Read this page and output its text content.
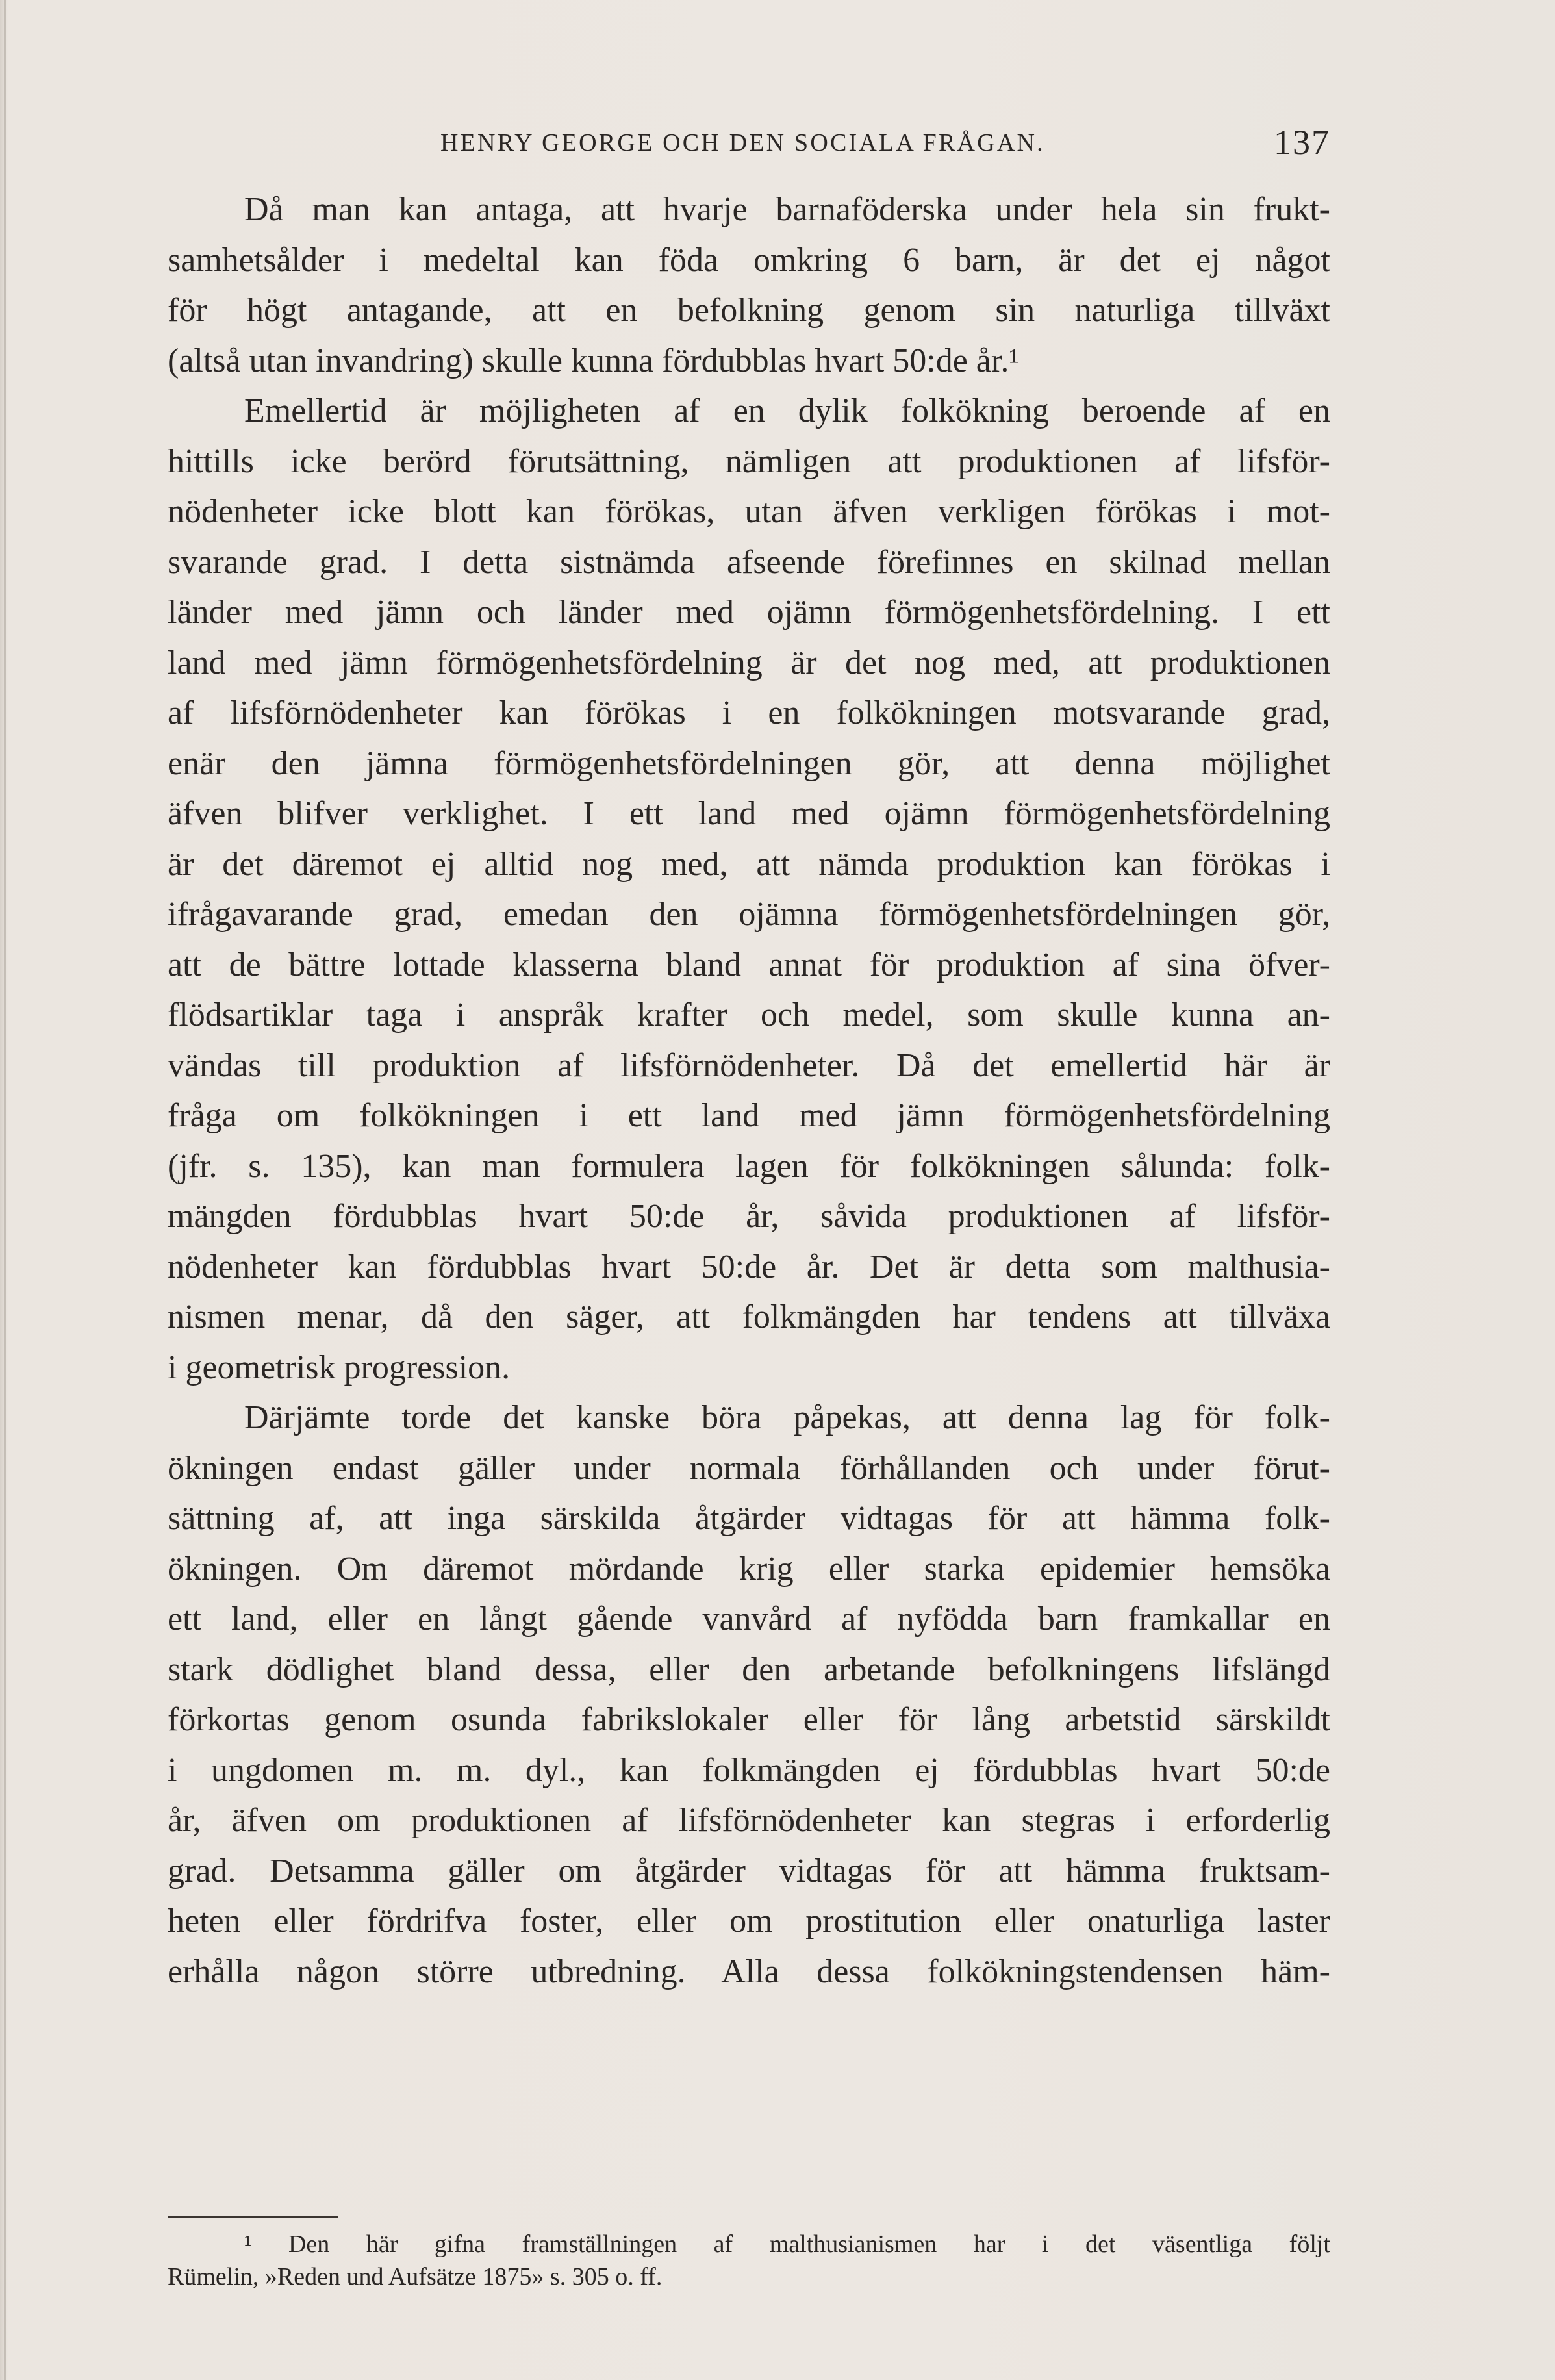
HENRY GEORGE OCH DEN SOCIALA FRÅGAN.	137
Då man kan antaga, att hvarje barnaföderska under hela sin frukt-
samhetsålder i medeltal kan föda omkring 6 barn, är det ej något
för högt antagande, att en befolkning genom sin naturliga tillväxt
(altså utan invandring) skulle kunna fördubblas hvart 50:de år.¹
Emellertid är möjligheten af en dylik folkökning beroende af en
hittills icke berörd förutsättning, nämligen att produktionen af lifsför-
nödenheter icke blott kan förökas, utan äfven verkligen förökas i mot-
svarande grad. I detta sistnämda afseende förefinnes en skilnad mellan
länder med jämn och länder med ojämn förmögenhetsfördelning. I ett
land med jämn förmögenhetsfördelning är det nog med, att produktionen
af lifsförnödenheter kan förökas i en folkökningen motsvarande grad,
enär den jämna förmögenhetsfördelningen gör, att denna möjlighet
äfven blifver verklighet. I ett land med ojämn förmögenhetsfördelning
är det däremot ej alltid nog med, att nämda produktion kan förökas i
ifrågavarande grad, emedan den ojämna förmögenhetsfördelningen gör,
att de bättre lottade klasserna bland annat för produktion af sina öfver-
flödsartiklar taga i anspråk krafter och medel, som skulle kunna an-
vändas till produktion af lifsförnödenheter. Då det emellertid här är
fråga om folkökningen i ett land med jämn förmögenhetsfördelning
(jfr. s. 135), kan man formulera lagen för folkökningen sålunda: folk-
mängden fördubblas hvart 50:de år, såvida produktionen af lifsför-
nödenheter kan fördubblas hvart 50:de år. Det är detta som malthusia-
nismen menar, då den säger, att folkmängden har tendens att tillväxa
i geometrisk progression.
Därjämte torde det kanske böra påpekas, att denna lag för folk-
ökningen endast gäller under normala förhållanden och under förut-
sättning af, att inga särskilda åtgärder vidtagas för att hämma folk-
ökningen. Om däremot mördande krig eller starka epidemier hemsöka
ett land, eller en långt gående vanvård af nyfödda barn framkallar en
stark dödlighet bland dessa, eller den arbetande befolkningens lifslängd
förkortas genom osunda fabrikslokaler eller för lång arbetstid särskildt
i ungdomen m. m. dyl., kan folkmängden ej fördubblas hvart 50:de
år, äfven om produktionen af lifsförnödenheter kan stegras i erforderlig
grad. Detsamma gäller om åtgärder vidtagas för att hämma fruktsam-
heten eller fördrifva foster, eller om prostitution eller onaturliga laster
erhålla någon större utbredning. Alla dessa folkökningstendensen häm-
¹ Den här gifna framställningen af malthusianismen har i det väsentliga följt
Rümelin, »Reden und Aufsätze 1875» s. 305 o. ff.
